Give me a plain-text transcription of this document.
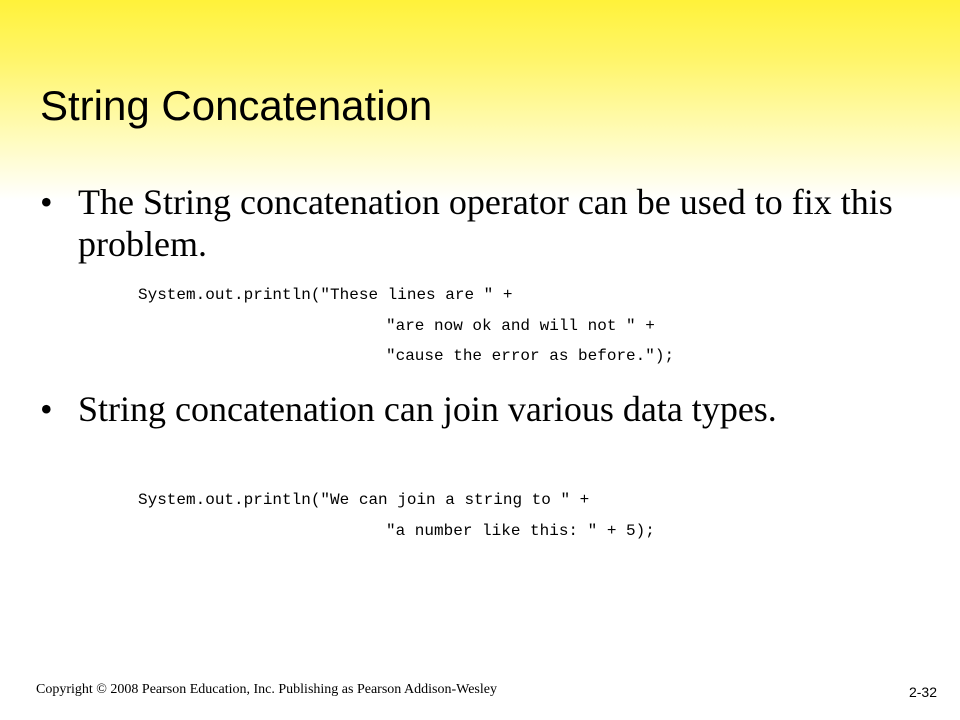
String Concatenation
• The String concatenation operator can be used to fix this problem.
System.out.println("These lines are " +
"are now ok and will not " +
"cause the error as before.");
• String concatenation can join various data types.
System.out.println("We can join a string to " +
"a number like this: " + 5);
Copyright © 2008 Pearson Education, Inc. Publishing as Pearson Addison-Wesley	2-32
